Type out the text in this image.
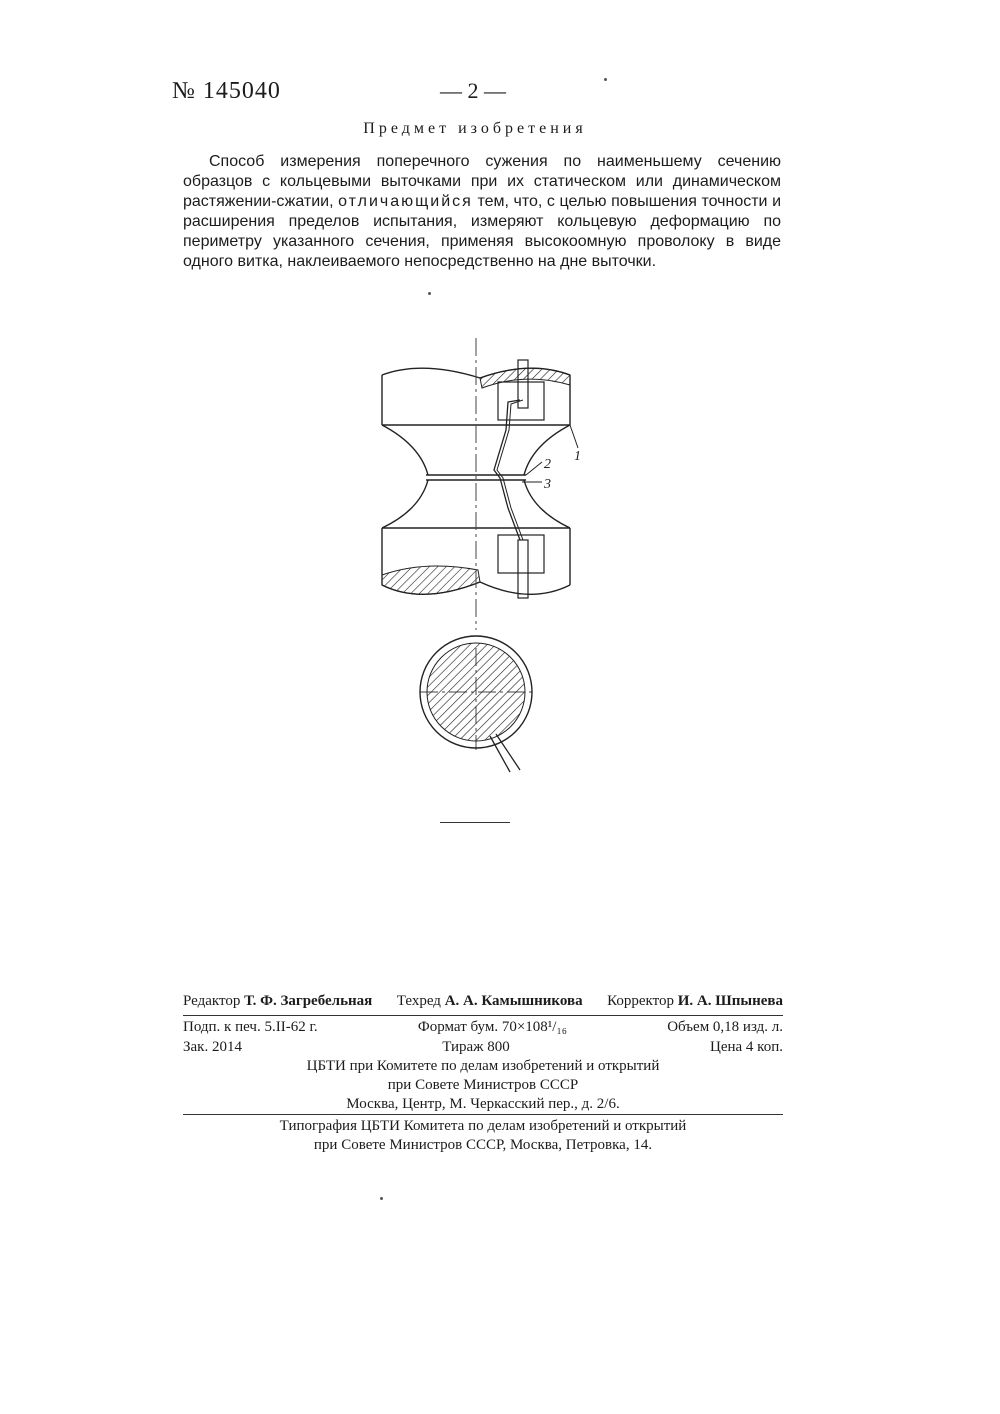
№ 145040	— 2 —
Предмет изобретения
Способ измерения поперечного сужения по наименьшему сечению образцов с кольцевыми выточками при их статическом или динамическом растяжении-сжатии, отличающийся тем, что, с целью повышения точности и расширения пределов испытания, измеряют кольцевую деформацию по периметру указанного сечения, применяя высокоомную проволоку в виде одного витка, наклеиваемого непосредственно на дне выточки.
1
2
3
Редактор Т. Ф. Загребельная Техред А. А. Камышникова Корректор И. А. Шпынева
Подп. к печ. 5.II-62 г.	Формат бум. 70×108¹/₁₆	Объем 0,18 изд. л.
Зак. 2014	Тираж 800	Цена 4 коп.
ЦБТИ при Комитете по делам изобретений и открытий
при Совете Министров СССР
Москва, Центр, М. Черкасский пер., д. 2/6.
Типография ЦБТИ Комитета по делам изобретений и открытий
при Совете Министров СССР, Москва, Петровка, 14.
